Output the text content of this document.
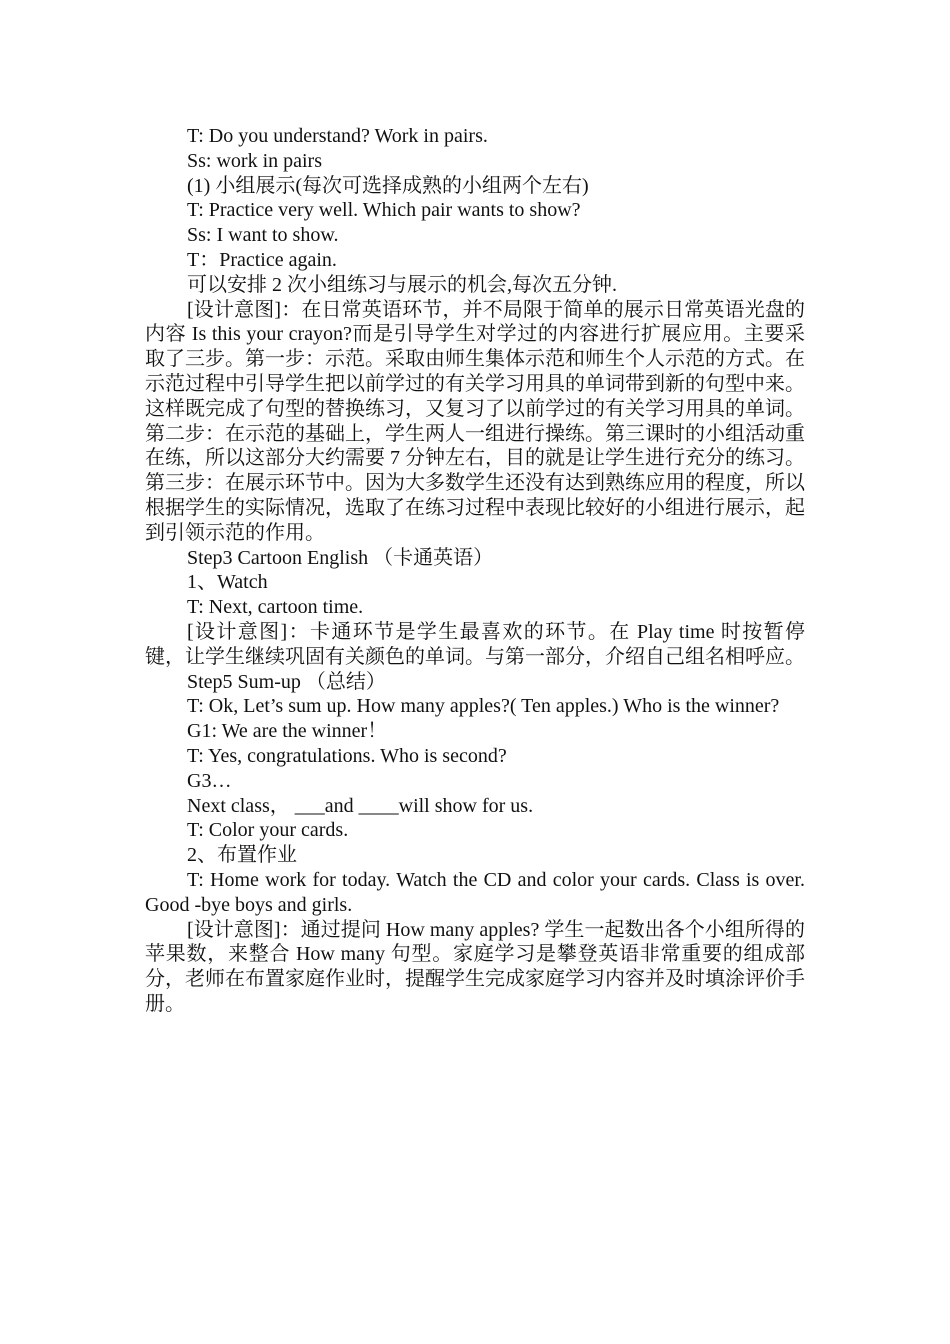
T: Do you understand? Work in pairs.

Ss: work in pairs

(1) 小组展示(每次可选择成熟的小组两个左右)

T: Practice very well. Which pair wants to show?

Ss: I want to show.

T：Practice again.

可以安排 2 次小组练习与展示的机会,每次五分钟.

[设计意图]：在日常英语环节，并不局限于简单的展示日常英语光盘的内容 Is this your crayon?而是引导学生对学过的内容进行扩展应用。主要采取了三步。第一步：示范。采取由师生集体示范和师生个人示范的方式。在示范过程中引导学生把以前学过的有关学习用具的单词带到新的句型中来。这样既完成了句型的替换练习，又复习了以前学过的有关学习用具的单词。第二步：在示范的基础上，学生两人一组进行操练。第三课时的小组活动重在练，所以这部分大约需要 7 分钟左右，目的就是让学生进行充分的练习。第三步：在展示环节中。因为大多数学生还没有达到熟练应用的程度，所以根据学生的实际情况，选取了在练习过程中表现比较好的小组进行展示，起到引领示范的作用。

Step3 Cartoon English （卡通英语）

1、Watch

T: Next, cartoon time.

[设计意图]：卡通环节是学生最喜欢的环节。在 Play time 时按暂停键，让学生继续巩固有关颜色的单词。与第一部分，介绍自己组名相呼应。

Step5 Sum-up （总结）

T: Ok, Let’s sum up. How many apples?( Ten apples.) Who is the winner?

G1: We are the winner！

T: Yes, congratulations. Who is second?

G3…

Next class， ___and ____will show for us.

T: Color your cards.

2、布置作业

T: Home work for today. Watch the CD and color your cards. Class is over. Good -bye boys and girls.

[设计意图]：通过提问 How many apples? 学生一起数出各个小组所得的苹果数，来整合 How many 句型。家庭学习是攀登英语非常重要的组成部分，老师在布置家庭作业时，提醒学生完成家庭学习内容并及时填涂评价手册。
